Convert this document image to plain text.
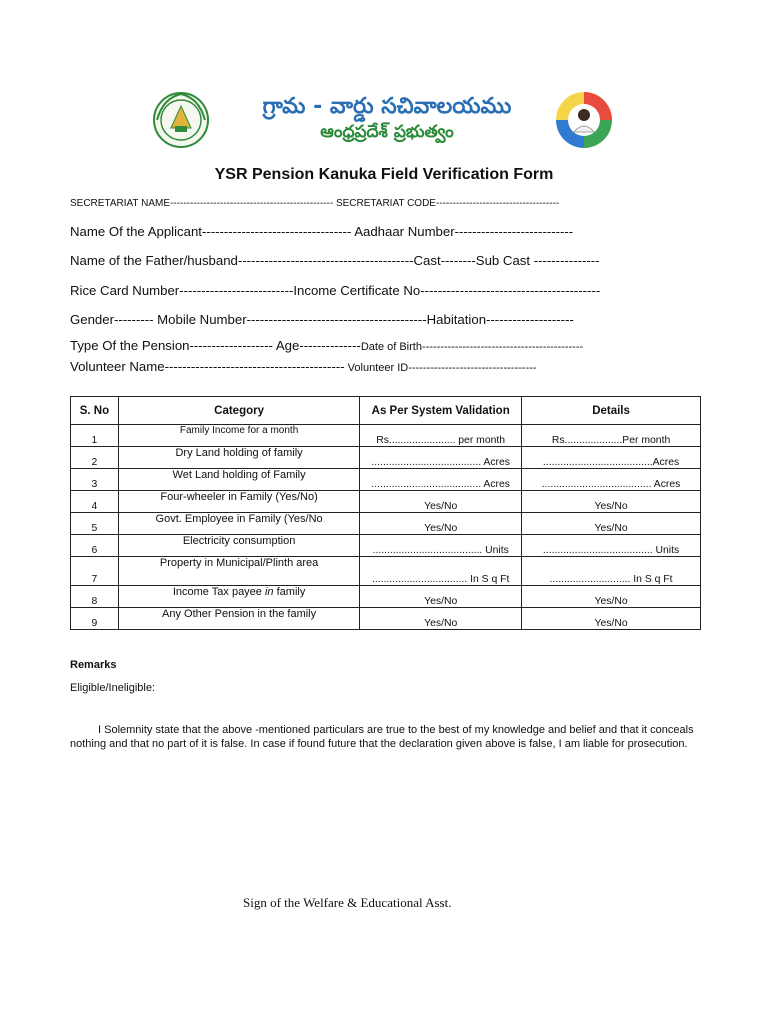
గ్రామ - వార్డు సచివాలయము
ఆంధ్రప్రదేశ్ ప్రభుత్వం
YSR Pension Kanuka Field Verification Form
SECRETARIAT NAME------------------------------------------------- SECRETARIAT CODE-------------------------------------
Name Of the Applicant---------------------------------- Aadhaar Number---------------------------
Name of the Father/husband----------------------------------------Cast--------Sub Cast ---------------
Rice Card Number--------------------------Income Certificate No-----------------------------------------
Gender--------- Mobile Number-----------------------------------------Habitation--------------------
Type Of the Pension------------------- Age--------------Date of Birth--------------------------------------------
Volunteer Name----------------------------------------- Volunteer ID-----------------------------------
S. No	Category	As Per System Validation	Details
1	Family Income for a month	Rs....................... per month	Rs....................Per month
2	Dry Land holding of family	...................................... Acres	......................................Acres
3	Wet Land holding of Family	...................................... Acres	...................................... Acres
4	Four-wheeler in Family (Yes/No)	Yes/No	Yes/No
5	Govt. Employee in Family (Yes/No	Yes/No	Yes/No
6	Electricity consumption	...................................... Units	...................................... Units
7	Property in Municipal/Plinth area	................................. In S q Ft	............................ In S q Ft
8	Income Tax payee in family	Yes/No	Yes/No
9	Any Other Pension in the family	Yes/No	Yes/No
Remarks
Eligible/Ineligible:
I Solemnity state that the above -mentioned particulars are true to the best of my knowledge and belief and that it conceals nothing and that no part of it is false. In case if found future that the declaration given above is false, I am liable for prosecution.
Sign of the Welfare & Educational Asst.
